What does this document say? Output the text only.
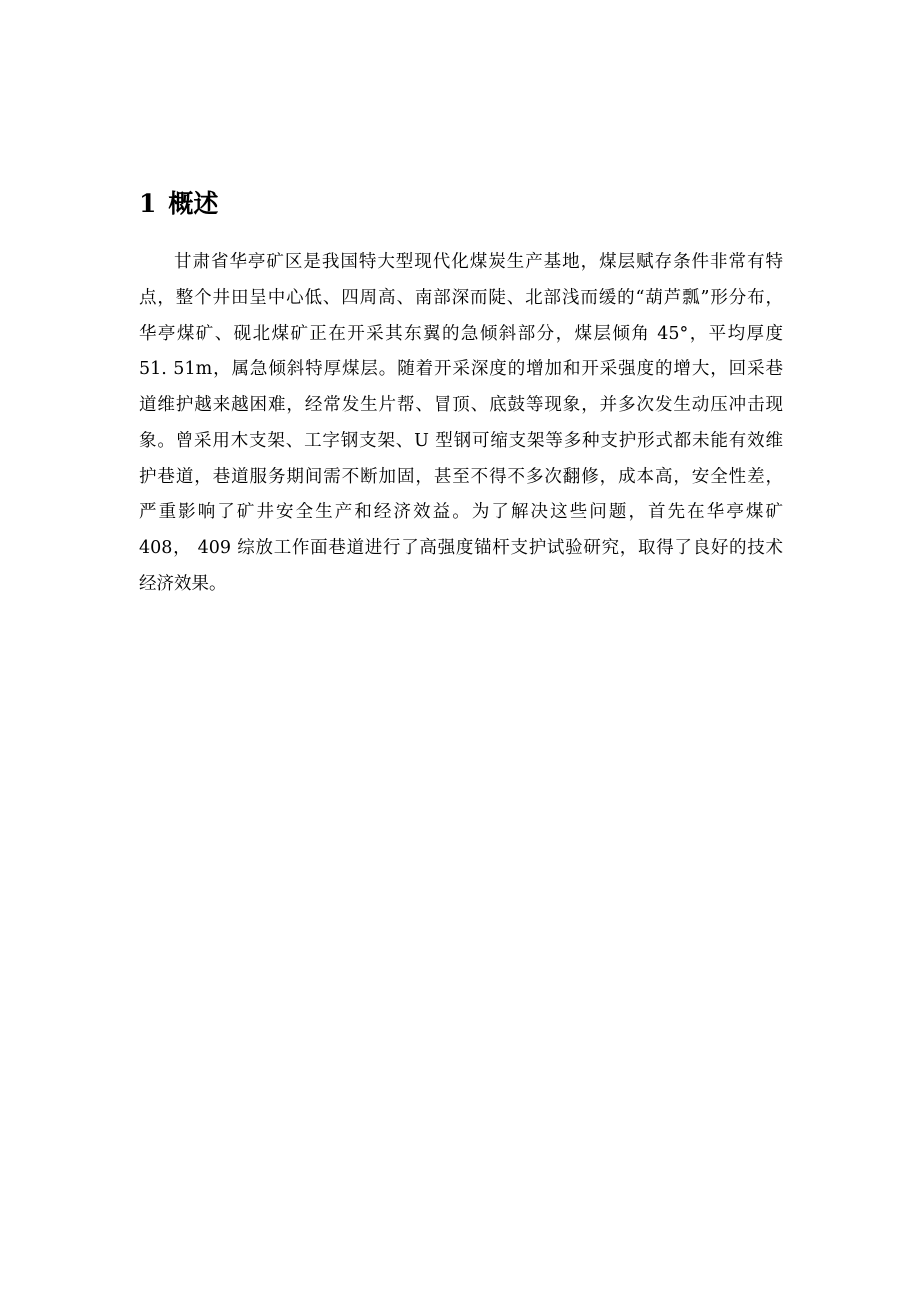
1 概述

甘肃省华亭矿区是我国特大型现代化煤炭生产基地，煤层赋存条件非常有特

点，整个井田呈中心低、四周高、南部深而陡、北部浅而缓的“葫芦瓢”形分布，

华亭煤矿、砚北煤矿正在开采其东翼的急倾斜部分，煤层倾角 45°，平均厚度

51. 51m，属急倾斜特厚煤层。随着开采深度的增加和开采强度的增大，回采巷

道维护越来越困难，经常发生片帮、冒顶、底鼓等现象，并多次发生动压冲击现

象。曾采用木支架、工字钢支架、U 型钢可缩支架等多种支护形式都未能有效维

护巷道，巷道服务期间需不断加固，甚至不得不多次翻修，成本高，安全性差，

严重影响了矿井安全生产和经济效益。为了解决这些问题，首先在华亭煤矿

408， 409 综放工作面巷道进行了高强度锚杆支护试验研究，取得了良好的技术

经济效果。
